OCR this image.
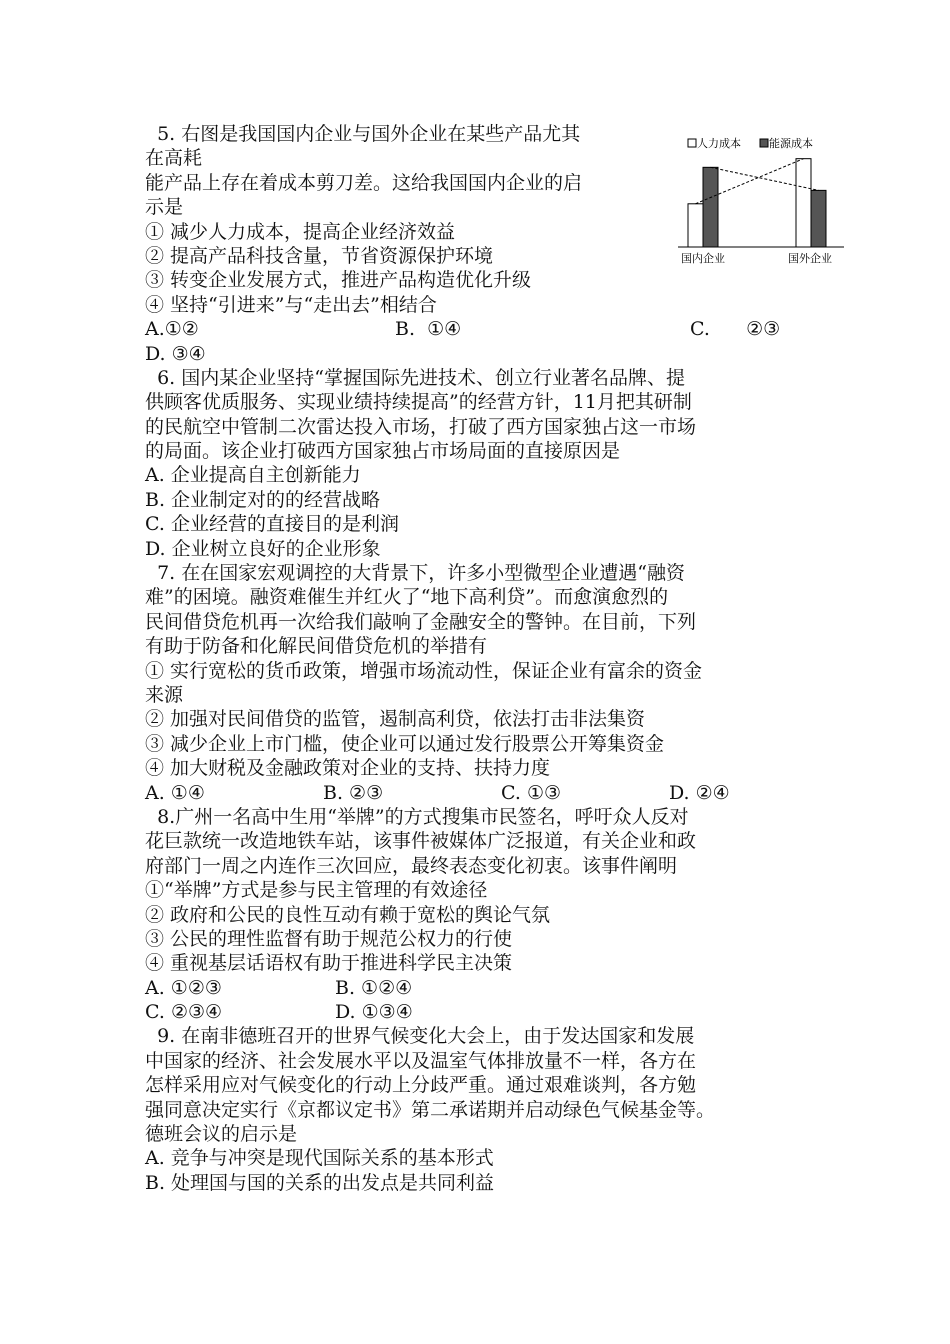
5. 右图是我国国内企业与国外企业在某些产品尤其
在高耗
能产品上存在着成本剪刀差。这给我国国内企业的启
示是
① 减少人力成本，提高企业经济效益
② 提高产品科技含量，节省资源保护环境
③ 转变企业发展方式，推进产品构造优化升级
④ 坚持“引进来”与“走出去”相结合
A.①②	B.  ①④	C.      ②③
D. ③④
6. 国内某企业坚持“掌握国际先进技术、创立行业著名品牌、提
供顾客优质服务、实现业绩持续提高”的经营方针，11月把其研制
的民航空中管制二次雷达投入市场，打破了西方国家独占这一市场
的局面。该企业打破西方国家独占市场局面的直接原因是
A. 企业提高自主创新能力
B. 企业制定对的的经营战略
C. 企业经营的直接目的是利润
D. 企业树立良好的企业形象
7. 在在国家宏观调控的大背景下，许多小型微型企业遭遇“融资
难”的困境。融资难催生并红火了“地下高利贷”。而愈演愈烈的
民间借贷危机再一次给我们敲响了金融安全的警钟。在目前，下列
有助于防备和化解民间借贷危机的举措有
① 实行宽松的货币政策，增强市场流动性，保证企业有富余的资金
来源
② 加强对民间借贷的监管，遏制高利贷，依法打击非法集资
③ 减少企业上市门槛，使企业可以通过发行股票公开筹集资金
④ 加大财税及金融政策对企业的支持、扶持力度
A. ①④	B. ②③	C. ①③	D. ②④
8.广州一名高中生用“举牌”的方式搜集市民签名，呼吁众人反对
花巨款统一改造地铁车站，该事件被媒体广泛报道，有关企业和政
府部门一周之内连作三次回应，最终表态变化初衷。该事件阐明
①“举牌”方式是参与民主管理的有效途径
② 政府和公民的良性互动有赖于宽松的舆论气氛
③ 公民的理性监督有助于规范公权力的行使
④ 重视基层话语权有助于推进科学民主决策
A. ①②③	B. ①②④
C. ②③④	D. ①③④
9. 在南非德班召开的世界气候变化大会上，由于发达国家和发展
中国家的经济、社会发展水平以及温室气体排放量不一样，各方在
怎样采用应对气候变化的行动上分歧严重。通过艰难谈判，各方勉
强同意决定实行《京都议定书》第二承诺期并启动绿色气候基金等。
德班会议的启示是
A. 竞争与冲突是现代国际关系的基本形式
B. 处理国与国的关系的出发点是共同利益
人力成本	能源成本
国内企业	国外企业
